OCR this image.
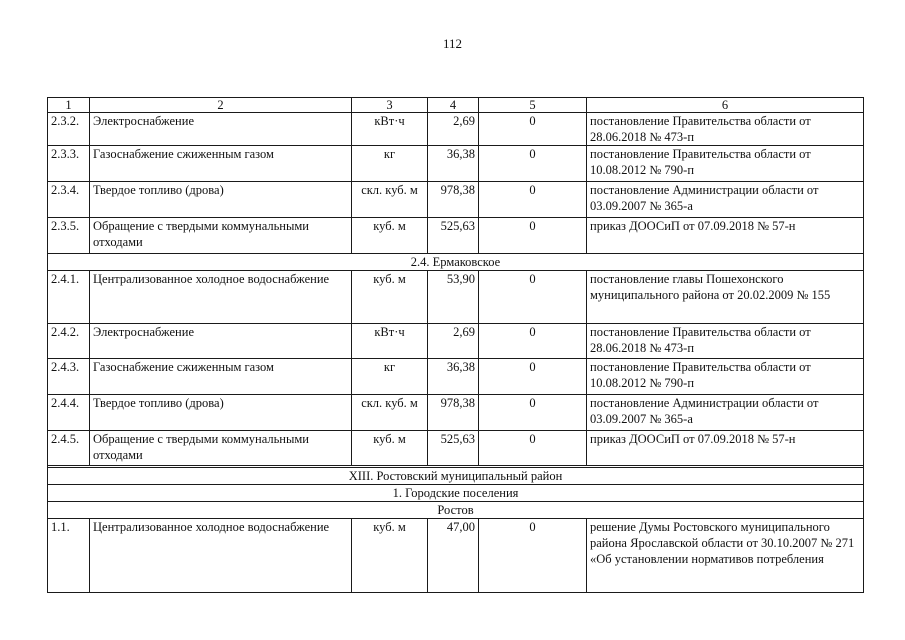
112
1	2	3	4	5	6
2.3.2.	Электроснабжение	кВт·ч	2,69	0	постановление Правительства области от 28.06.2018 № 473-п
2.3.3.	Газоснабжение сжиженным газом	кг	36,38	0	постановление Правительства области от 10.08.2012 № 790-п
2.3.4.	Твердое топливо (дрова)	скл. куб. м	978,38	0	постановление Администрации области от 03.09.2007 № 365-а
2.3.5.	Обращение с твердыми коммунальными отходами	куб. м	525,63	0	приказ ДООСиП от 07.09.2018 № 57-н
2.4. Ермаковское					
2.4.1.	Централизованное холодное водоснабжение	куб. м	53,90	0	постановление главы Пошехонского муниципального района от 20.02.2009 № 155
2.4.2.	Электроснабжение	кВт·ч	2,69	0	постановление Правительства области от 28.06.2018 № 473-п
2.4.3.	Газоснабжение сжиженным газом	кг	36,38	0	постановление Правительства области от 10.08.2012 № 790-п
2.4.4.	Твердое топливо (дрова)	скл. куб. м	978,38	0	постановление Администрации области от 03.09.2007 № 365-а
2.4.5.	Обращение с твердыми коммунальными отходами	куб. м	525,63	0	приказ ДООСиП от 07.09.2018 № 57-н

XIII. Ростовский муниципальный район					
1. Городские поселения					
Ростов					
1.1.	Централизованное холодное водоснабжение	куб. м	47,00	0	решение Думы Ростовского муниципального района Ярославской области от 30.10.2007 № 271 «Об установлении нормативов потребления
